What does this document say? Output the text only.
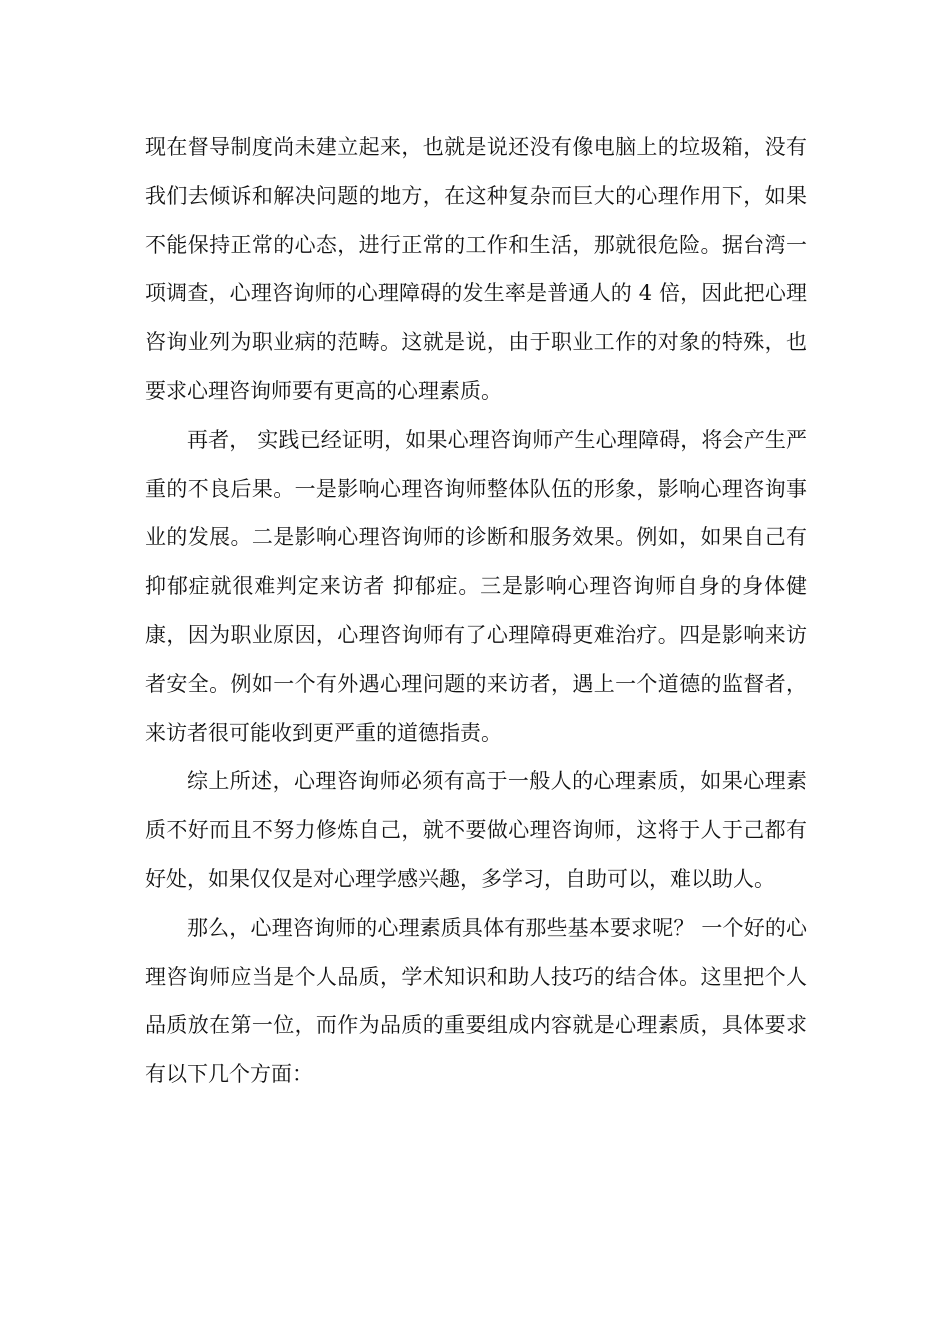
现在督导制度尚未建立起来，也就是说还没有像电脑上的垃圾箱，没有我们去倾诉和解决问题的地方，在这种复杂而巨大的心理作用下，如果不能保持正常的心态，进行正常的工作和生活，那就很危险。据台湾一项调查，心理咨询师的心理障碍的发生率是普通人的 4 倍，因此把心理咨询业列为职业病的范畴。这就是说，由于职业工作的对象的特殊，也要求心理咨询师要有更高的心理素质。

再者， 实践已经证明，如果心理咨询师产生心理障碍，将会产生严重的不良后果。一是影响心理咨询师整体队伍的形象，影响心理咨询事业的发展。二是影响心理咨询师的诊断和服务效果。例如，如果自己有抑郁症就很难判定来访者 抑郁症。三是影响心理咨询师自身的身体健康，因为职业原因，心理咨询师有了心理障碍更难治疗。四是影响来访者安全。例如一个有外遇心理问题的来访者，遇上一个道德的监督者，来访者很可能收到更严重的道德指责。

综上所述，心理咨询师必须有高于一般人的心理素质，如果心理素质不好而且不努力修炼自己，就不要做心理咨询师，这将于人于己都有好处，如果仅仅是对心理学感兴趣，多学习，自助可以，难以助人。

那么，心理咨询师的心理素质具体有那些基本要求呢？ 一个好的心理咨询师应当是个人品质，学术知识和助人技巧的结合体。这里把个人品质放在第一位，而作为品质的重要组成内容就是心理素质，具体要求有以下几个方面：
